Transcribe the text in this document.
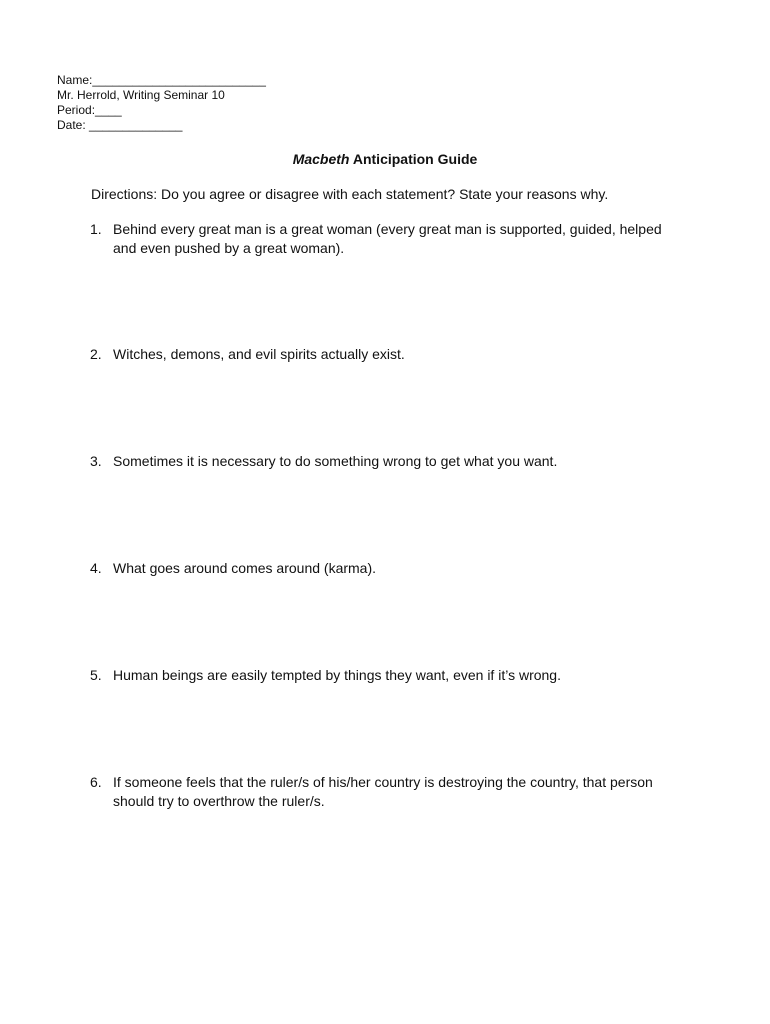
Name:__________________________
Mr. Herrold, Writing Seminar 10
Period:____
Date: ______________
Macbeth Anticipation Guide
Directions: Do you agree or disagree with each statement? State your reasons why.
1. Behind every great man is a great woman (every great man is supported, guided, helped and even pushed by a great woman).
2. Witches, demons, and evil spirits actually exist.
3. Sometimes it is necessary to do something wrong to get what you want.
4. What goes around comes around (karma).
5. Human beings are easily tempted by things they want, even if it’s wrong.
6. If someone feels that the ruler/s of his/her country is destroying the country, that person should try to overthrow the ruler/s.
